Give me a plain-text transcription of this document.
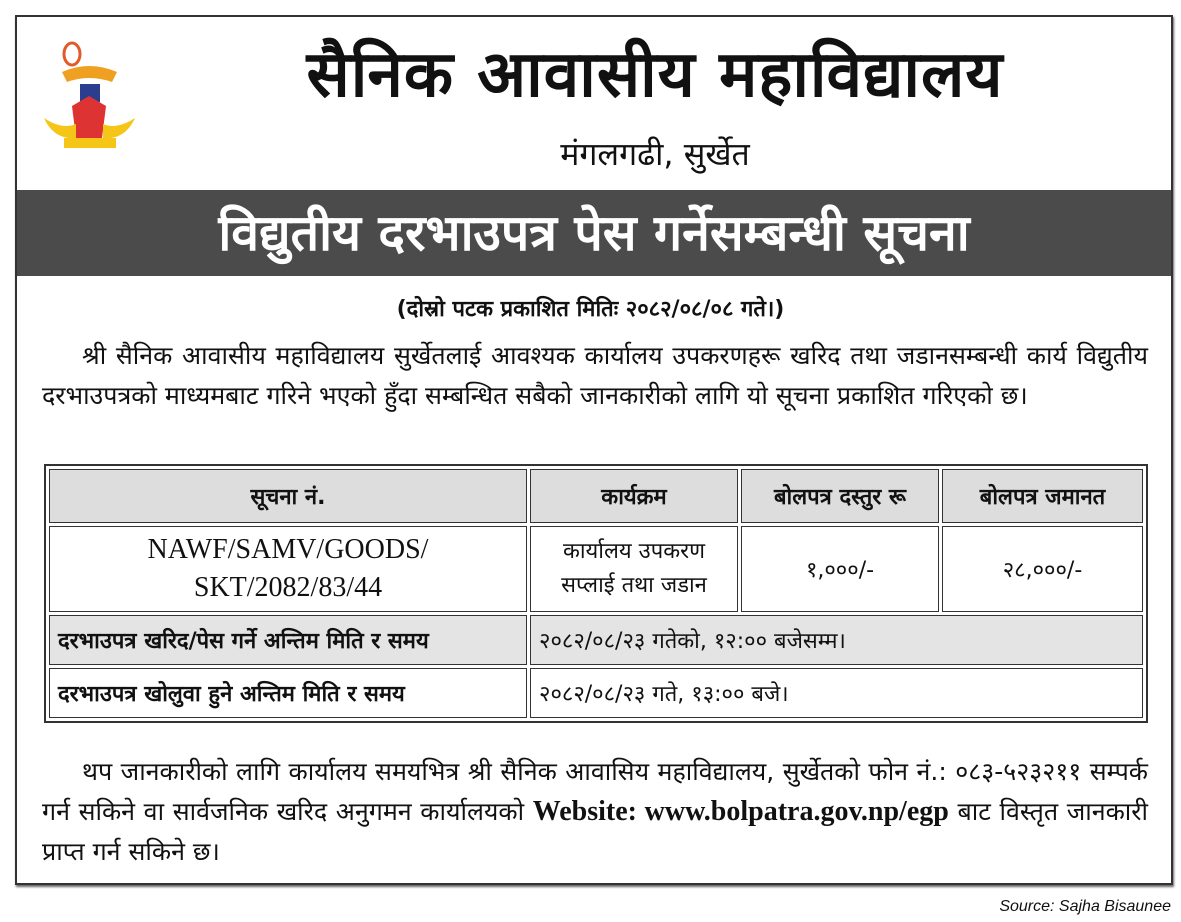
सैनिक आवासीय महाविद्यालय
मंगलगढी, सुर्खेत
विद्युतीय दरभाउपत्र पेस गर्नेसम्बन्धी सूचना
(दोस्रो पटक प्रकाशित मितिः २०८२/०८/०८ गते।)
श्री सैनिक आवासीय महाविद्यालय सुर्खेतलाई आवश्यक कार्यालय उपकरणहरू खरिद तथा जडानसम्बन्धी कार्य विद्युतीय दरभाउपत्रको माध्यमबाट गरिने भएको हुँदा सम्बन्धित सबैको जानकारीको लागि यो सूचना प्रकाशित गरिएको छ।
सूचना नं.	कार्यक्रम	बोलपत्र दस्तुर रू	बोलपत्र जमानत

NAWF/SAMV/GOODS/
SKT/2082/83/44	कार्यालय उपकरण सप्लाई तथा जडान	१,०००/-	२८,०००/-
दरभाउपत्र खरिद/पेस गर्ने अन्तिम मिति र समय	२०८२/०८/२३ गतेको, १२:०० बजेसम्म।		
दरभाउपत्र खोलुवा हुने अन्तिम मिति र समय	२०८२/०८/२३ गते, १३:०० बजे।		
थप जानकारीको लागि कार्यालय समयभित्र श्री सैनिक आवासिय महाविद्यालय, सुर्खेतको फोन नं.: ०८३-५२३२११ सम्पर्क गर्न सकिने वा सार्वजनिक खरिद अनुगमन कार्यालयको Website: www.bolpatra.gov.np/egp बाट विस्तृत जानकारी प्राप्त गर्न सकिने छ।
Source: Sajha Bisaunee
